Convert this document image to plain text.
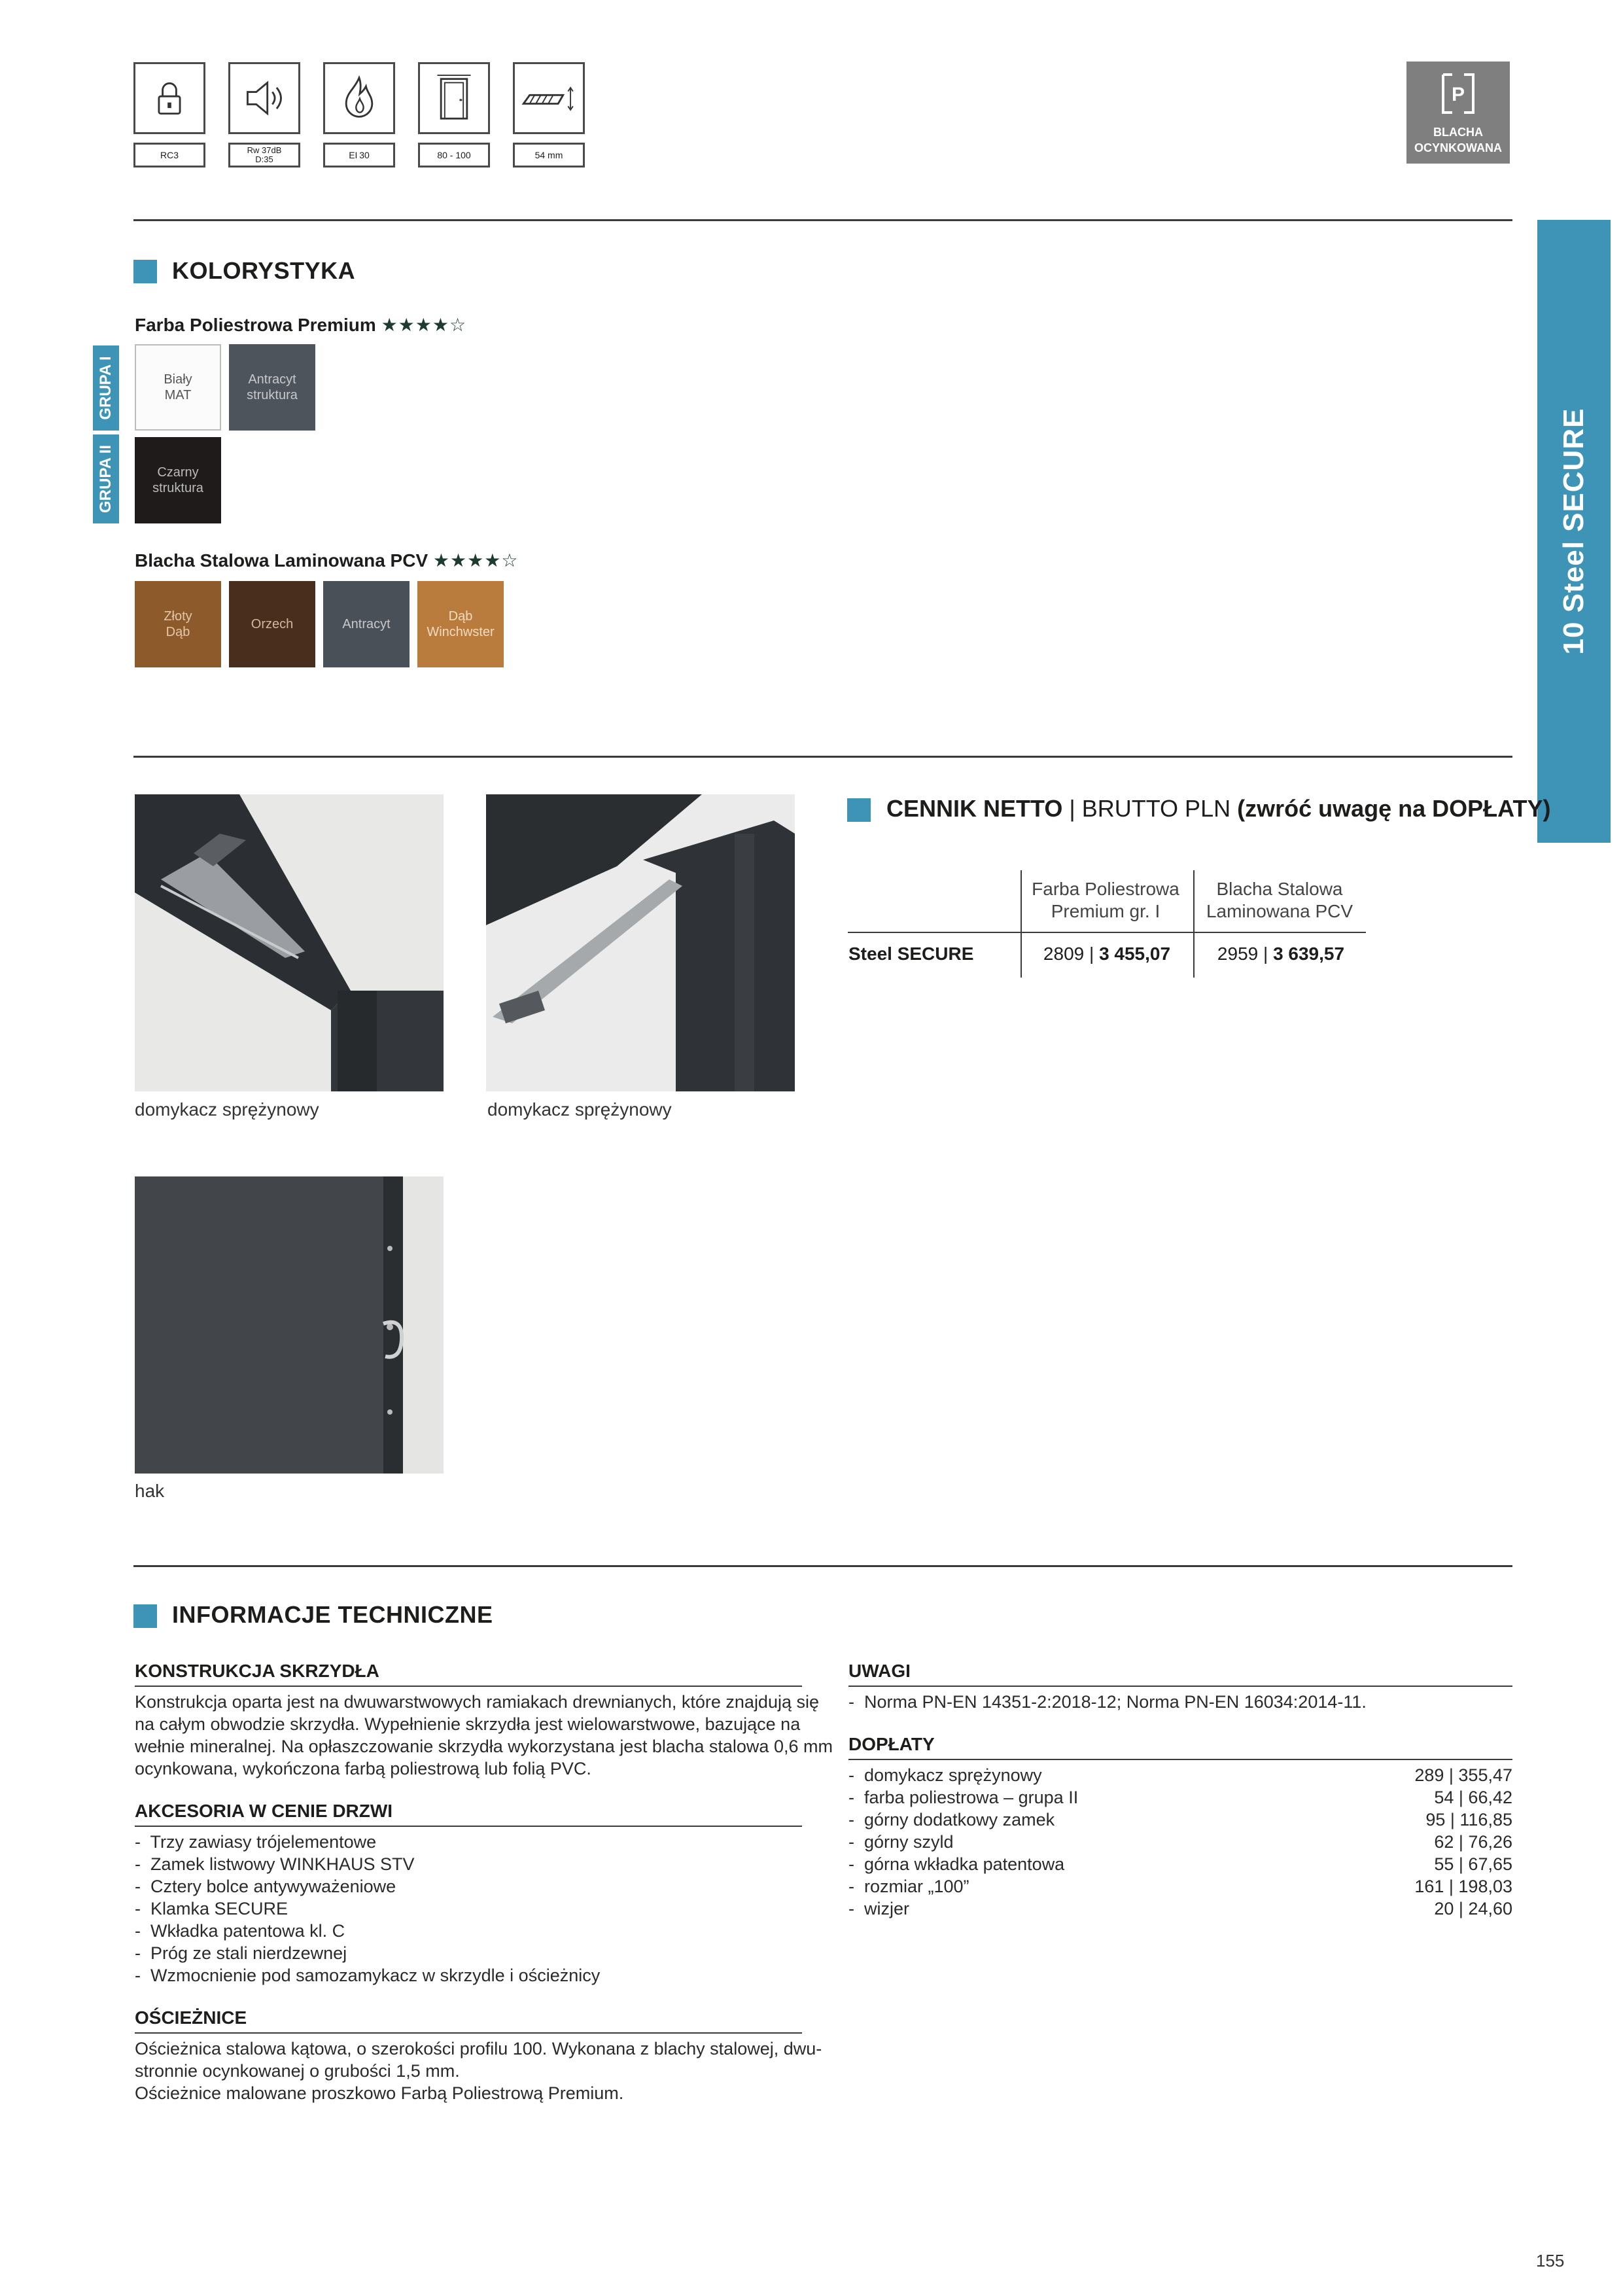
RC3	Rw 37dB
D:35	EI 30	80 - 100	54 mm
P
BLACHA
OCYNKOWANA
KOLORYSTYKA
Farba Poliestrowa Premium ★★★★☆
GRUPA I
GRUPA II
Biały
MAT
Antracyt
struktura
Czarny
struktura
Blacha Stalowa Laminowana PCV ★★★★☆
Złoty
Dąb
Orzech	Antracyt
Dąb
Winchwster	10 Steel SECURE
domykacz sprężynowy	domykacz sprężynowy
hak
CENNIK NETTO | BRUTTO PLN (zwróć uwagę na DOPŁATY)
Farba Poliestrowa
Premium gr. I
Blacha Stalowa
Laminowana PCV
Steel SECURE	2809 | 3 455,07	2959 | 3 639,57
INFORMACJE TECHNICZNE
KONSTRUKCJA SKRZYDŁA
Konstrukcja oparta jest na dwuwarstwowych ramiakach drewnianych, które znajdują się
na całym obwodzie skrzydła. Wypełnienie skrzydła jest wielowarstwowe, bazujące na
wełnie mineralnej. Na opłaszczowanie skrzydła wykorzystana jest blacha stalowa 0,6 mm
ocynkowana, wykończona farbą poliestrową lub folią PVC.
AKCESORIA W CENIE DRZWI
-  Trzy zawiasy trójelementowe
-  Zamek listwowy WINKHAUS STV
-  Cztery bolce antywyważeniowe
-  Klamka SECURE
-  Wkładka patentowa kl. C
-  Próg ze stali nierdzewnej
-  Wzmocnienie pod samozamykacz w skrzydle i ościeżnicy
OŚCIEŻNICE
Ościeżnica stalowa kątowa, o szerokości profilu 100. Wykonana z blachy stalowej, dwu-
stronnie ocynkowanej o grubości 1,5 mm.
Ościeżnice malowane proszkowo Farbą Poliestrową Premium.
UWAGI
-  Norma PN-EN 14351-2:2018-12; Norma PN-EN 16034:2014-11.
DOPŁATY
-  domykacz sprężynowy	289 | 355,47
-  farba poliestrowa – grupa II	54 | 66,42
-  górny dodatkowy zamek	95 | 116,85
-  górny szyld	62 | 76,26
-  górna wkładka patentowa	55 | 67,65
-  rozmiar „100”	161 | 198,03
-  wizjer	20 | 24,60
155
